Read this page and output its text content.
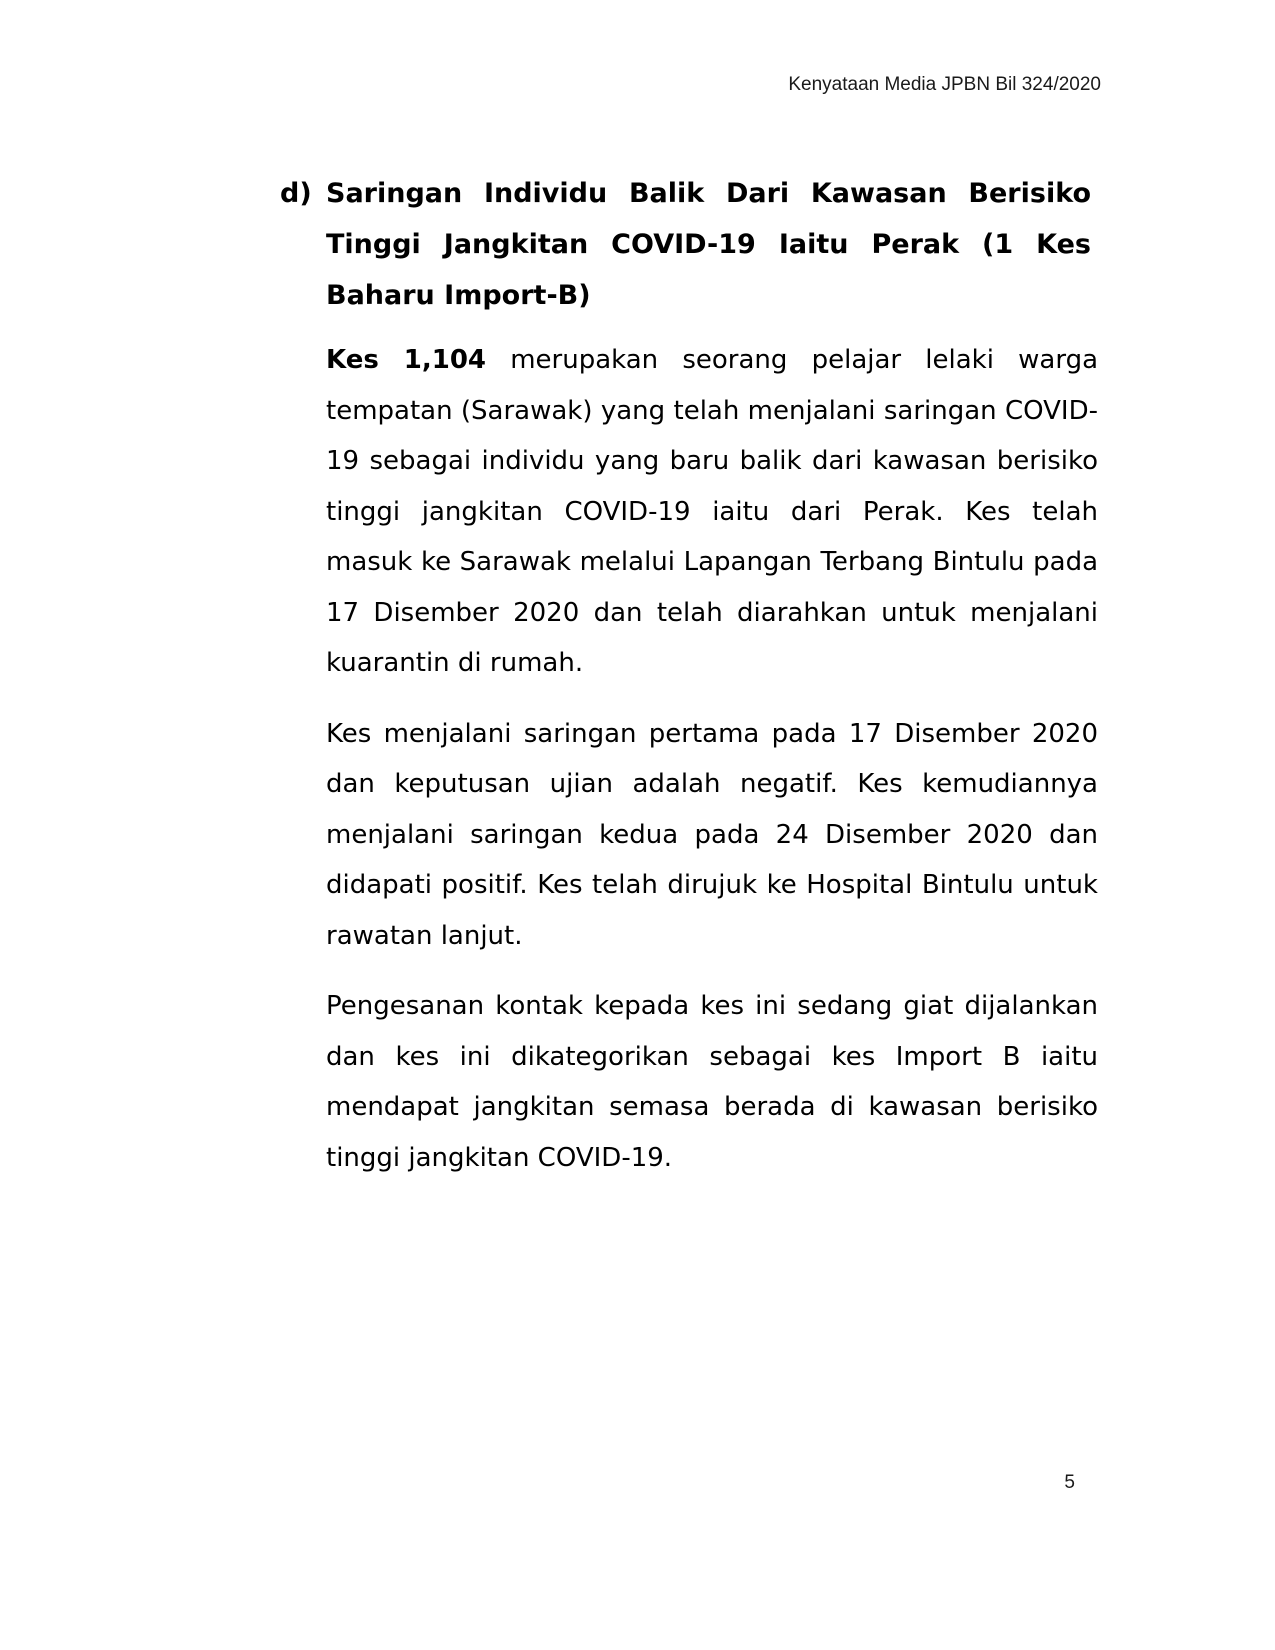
Kenyataan Media JPBN Bil 324/2020
d) Saringan Individu Balik Dari Kawasan Berisiko Tinggi Jangkitan COVID-19 Iaitu Perak (1 Kes Baharu Import-B)

Kes 1,104 merupakan seorang pelajar lelaki warga tempatan (Sarawak) yang telah menjalani saringan COVID-19 sebagai individu yang baru balik dari kawasan berisiko tinggi jangkitan COVID-19 iaitu dari Perak. Kes telah masuk ke Sarawak melalui Lapangan Terbang Bintulu pada 17 Disember 2020 dan telah diarahkan untuk menjalani kuarantin di rumah.

Kes menjalani saringan pertama pada 17 Disember 2020 dan keputusan ujian adalah negatif. Kes kemudiannya menjalani saringan kedua pada 24 Disember 2020 dan didapati positif. Kes telah dirujuk ke Hospital Bintulu untuk rawatan lanjut.

Pengesanan kontak kepada kes ini sedang giat dijalankan dan kes ini dikategorikan sebagai kes Import B iaitu mendapat jangkitan semasa berada di kawasan berisiko tinggi jangkitan COVID-19.

5
